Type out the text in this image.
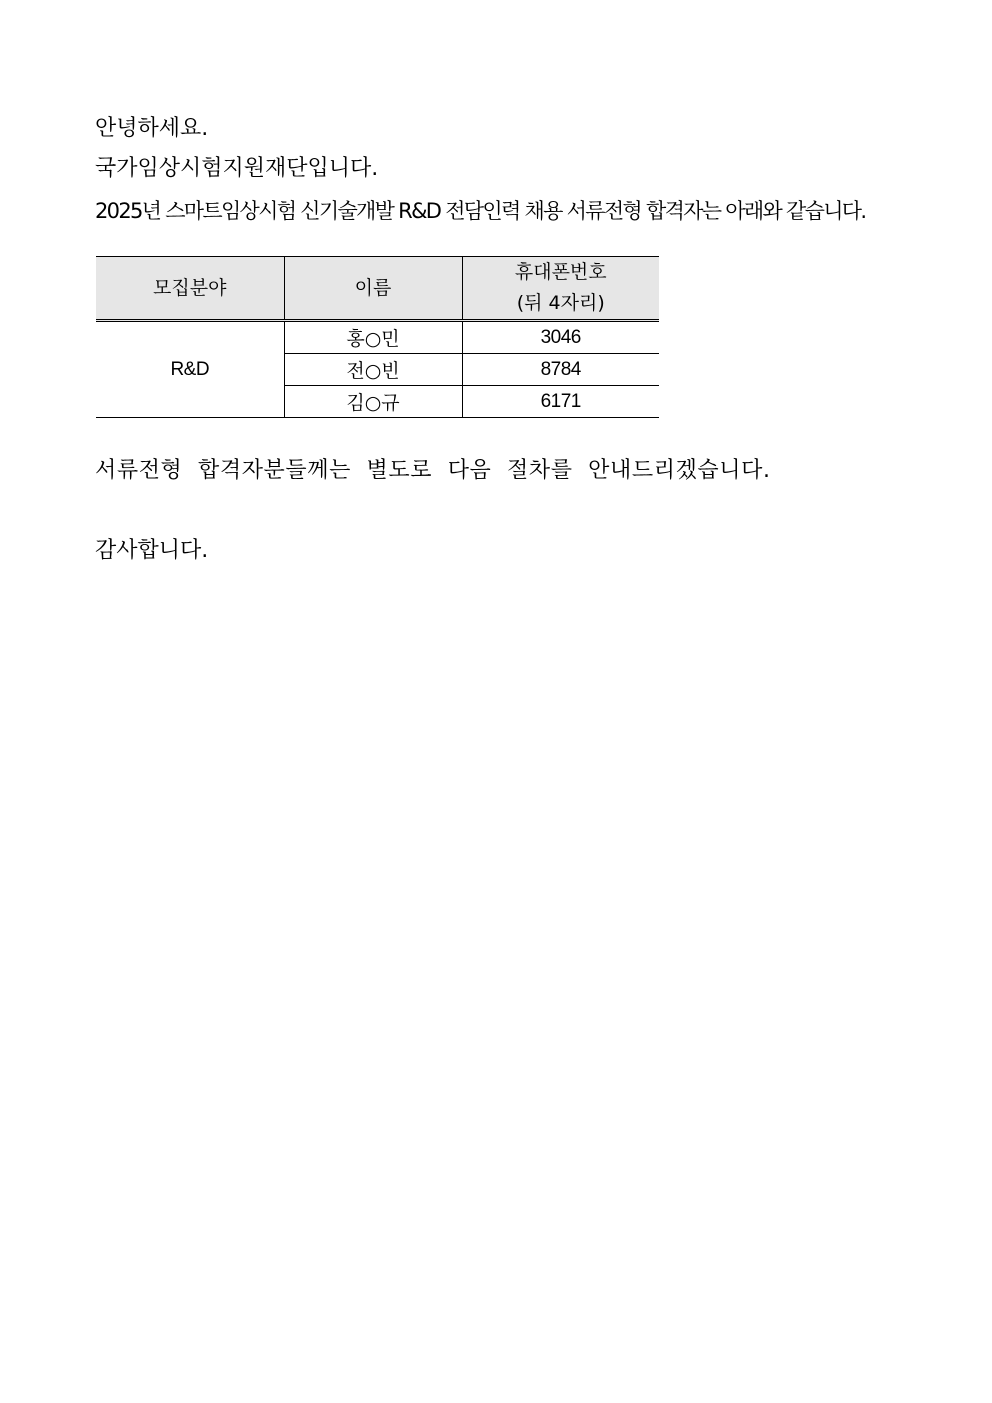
안녕하세요.
국가임상시험지원재단입니다.
2025년 스마트임상시험 신기술개발 R&D 전담인력 채용 서류전형 합격자는 아래와 같습니다.
모집분야	이름	휴대폰번호
(뒤 4자리)

R&D	홍○민	3046
	전○빈	8784
	김○규	6171
서류전형 합격자분들께는 별도로 다음 절차를 안내드리겠습니다.
감사합니다.
